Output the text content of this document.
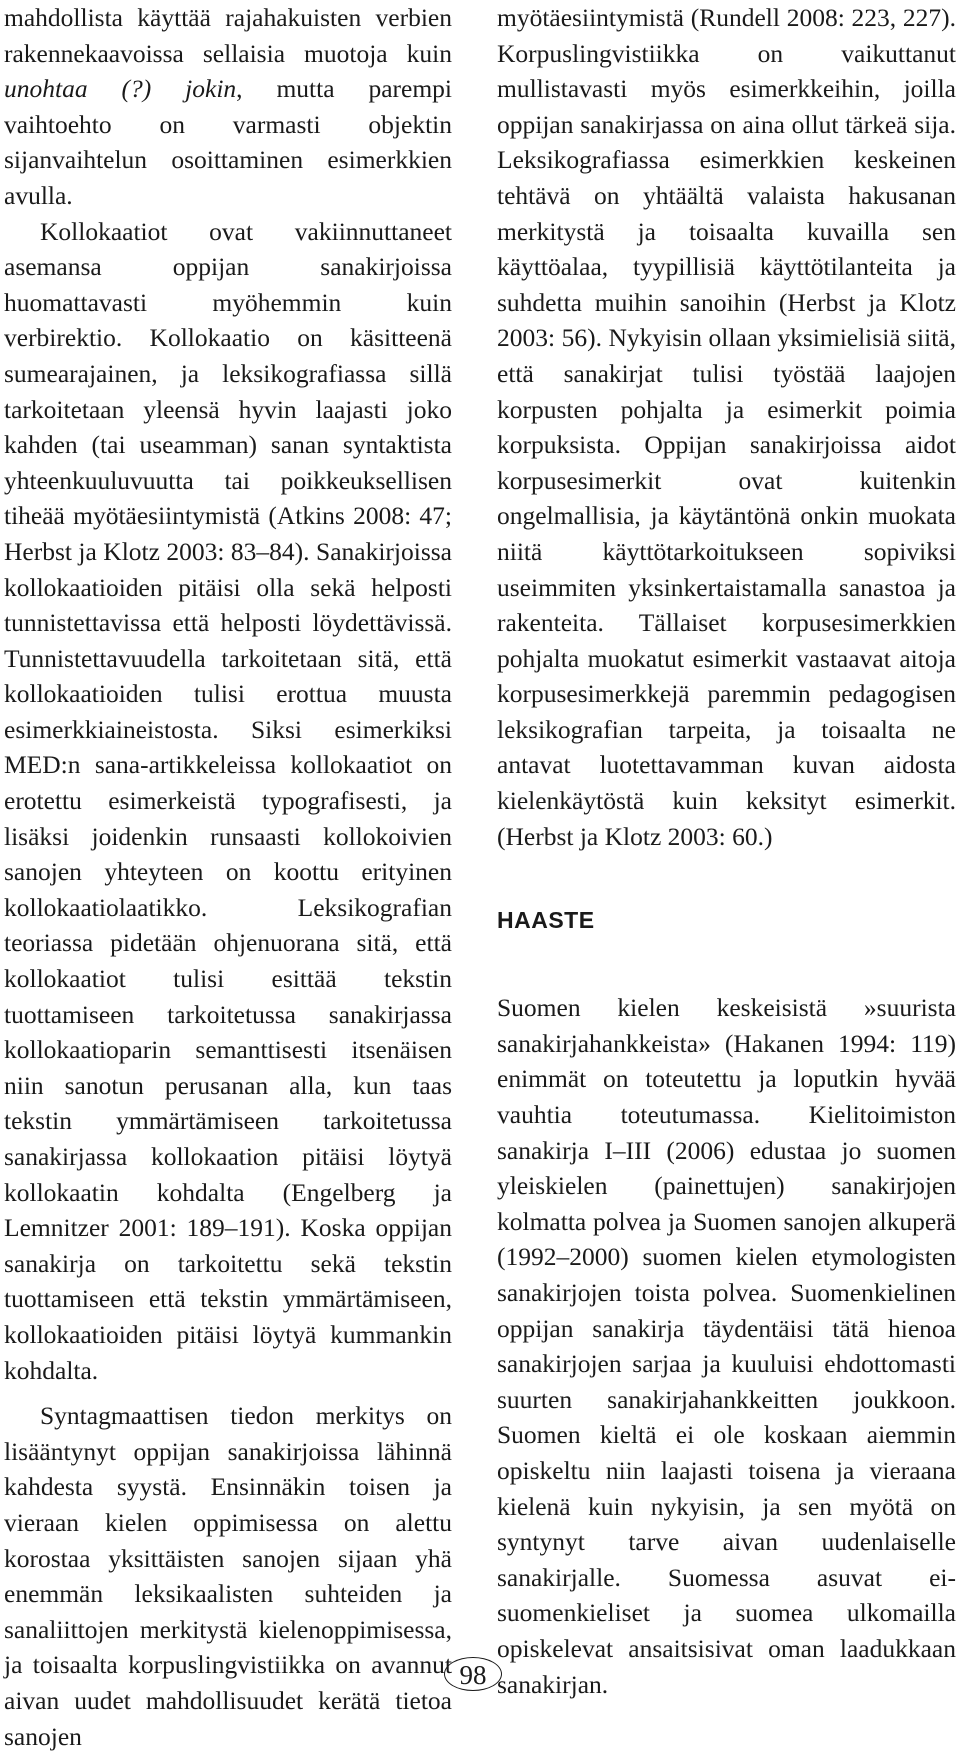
mahdollista käyttää rajahakuisten verbien rakennekaavoissa sellaisia muotoja kuin unohtaa (?) jokin, mutta parempi vaihtoehto on varmasti objektin sijanvaihtelun osoittaminen esimerkkien avulla.

Kollokaatiot ovat vakiinnuttaneet asemansa oppijan sanakirjoissa huomattavasti myöhemmin kuin verbirektio. Kollokaatio on käsitteenä sumearajainen, ja leksikografiassa sillä tarkoitetaan yleensä hyvin laajasti joko kahden (tai useamman) sanan syntaktista yhteenkuuluvuutta tai poikkeuksellisen tiheää myötäesiintymistä (Atkins 2008: 47; Herbst ja Klotz 2003: 83–84). Sanakirjoissa kollokaatioiden pitäisi olla sekä helposti tunnistettavissa että helposti löydettävissä. Tunnistettavuudella tarkoitetaan sitä, että kollokaatioiden tulisi erottua muusta esimerkkiaineistosta. Siksi esimerkiksi MED:n sana-artikkeleissa kollokaatiot on erotettu esimerkeistä typografisesti, ja lisäksi joidenkin runsaasti kollokoivien sanojen yhteyteen on koottu erityinen kollokaatiolaatikko. Leksikografian teoriassa pidetään ohjenuorana sitä, että kollokaatiot tulisi esittää tekstin tuottamiseen tarkoitetussa sanakirjassa kollokaatioparin semanttisesti itsenäisen niin sanotun perusanan alla, kun taas tekstin ymmärtämiseen tarkoitetussa sanakirjassa kollokaation pitäisi löytyä kollokaatin kohdalta (Engelberg ja Lemnitzer 2001: 189–191). Koska oppijan sanakirja on tarkoitettu sekä tekstin tuottamiseen että tekstin ymmärtämiseen, kollokaatioiden pitäisi löytyä kummankin kohdalta.

Syntagmaattisen tiedon merkitys on lisääntynyt oppijan sanakirjoissa lähinnä kahdesta syystä. Ensinnäkin toisen ja vieraan kielen oppimisessa on alettu korostaa yksittäisten sanojen sijaan yhä enemmän leksikaalisten suhteiden ja sanaliittojen merkitystä kielenoppimisessa, ja toisaalta korpuslingvistiikka on avannut aivan uudet mahdollisuudet kerätä tietoa sanojen

myötäesiintymistä (Rundell 2008: 223, 227). Korpuslingvistiikka on vaikuttanut mullistavasti myös esimerkkeihin, joilla oppijan sanakirjassa on aina ollut tärkeä sija. Leksikografiassa esimerkkien keskeinen tehtävä on yhtäältä valaista hakusanan merkitystä ja toisaalta kuvailla sen käyttöalaa, tyypillisiä käyttötilanteita ja suhdetta muihin sanoihin (Herbst ja Klotz 2003: 56). Nykyisin ollaan yksimielisiä siitä, että sanakirjat tulisi työstää laajojen korpusten pohjalta ja esimerkit poimia korpuksista. Oppijan sanakirjoissa aidot korpusesimerkit ovat kuitenkin ongelmallisia, ja käytäntönä onkin muokata niitä käyttötarkoitukseen sopiviksi useimmiten yksinkertaistamalla sanastoa ja rakenteita. Tällaiset korpusesimerkkien pohjalta muokatut esimerkit vastaavat aitoja korpusesimerkkejä paremmin pedagogisen leksikografian tarpeita, ja toisaalta ne antavat luotettavamman kuvan aidosta kielenkäytöstä kuin keksityt esimerkit. (Herbst ja Klotz 2003: 60.)

HAASTE

Suomen kielen keskeisistä »suurista sanakirjahankkeista» (Hakanen 1994: 119) enimmät on toteutettu ja loputkin hyvää vauhtia toteutumassa. Kielitoimiston sanakirja I–III (2006) edustaa jo suomen yleiskielen (painettujen) sanakirjojen kolmatta polvea ja Suomen sanojen alkuperä (1992–2000) suomen kielen etymologisten sanakirjojen toista polvea. Suomenkielinen oppijan sanakirja täydentäisi tätä hienoa sanakirjojen sarjaa ja kuuluisi ehdottomasti suurten sanakirjahankkeitten joukkoon. Suomen kieltä ei ole koskaan aiemmin opiskeltu niin laajasti toisena ja vieraana kielenä kuin nykyisin, ja sen myötä on syntynyt tarve aivan uudenlaiselle sanakirjalle. Suomessa asuvat ei-suomenkieliset ja suomea ulkomailla opiskelevat ansaitsisivat oman laadukkaan sanakirjan.

98
